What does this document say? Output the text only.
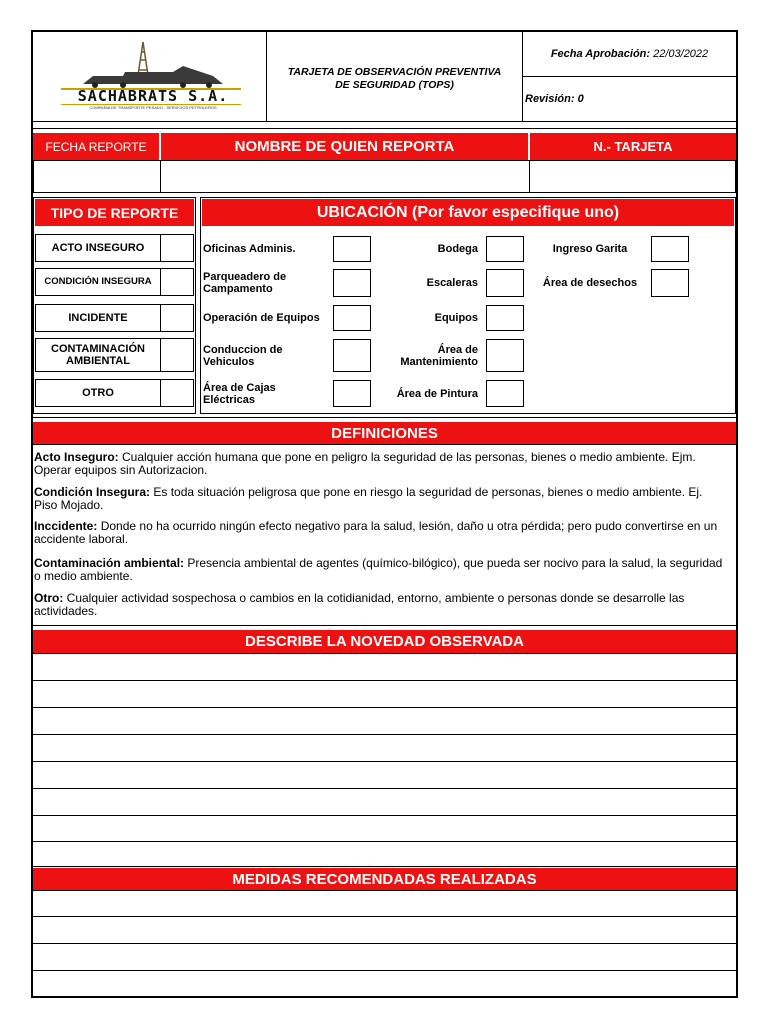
SACHABRATS S.A.
COMPAÑIA DE TRANSPORTE PESADO · SERVICIOS PETROLEROS
TARJETA DE OBSERVACIÓN PREVENTIVA
DE SEGURIDAD (TOPS)
Fecha Aprobación:
22/03/2022
Revisión: 0
FECHA REPORTE	NOMBRE DE QUIEN REPORTA	N.- TARJETA
TIPO DE REPORTE
ACTO INSEGURO
CONDICIÓN INSEGURA
INCIDENTE
CONTAMINACIÓN AMBIENTAL
OTRO
UBICACIÓN (Por favor especifique uno)
Oficinas Adminis.
Parqueadero de Campamento
Operación de Equipos
Conduccion de Vehiculos
Área de Cajas Eléctricas
Bodega
Escaleras
Equipos
Área de Mantenimiento
Área de Pintura
Ingreso Garita
Área de desechos
DEFINICIONES
Acto Inseguro: Cualquier acción humana que pone en peligro la seguridad de las personas, bienes o medio ambiente. Ejm. Operar equipos sin Autorizacion.
Condición Insegura: Es toda situación peligrosa que pone en riesgo la seguridad de personas, bienes o medio ambiente. Ej. Piso Mojado.
Inccidente: Donde no ha ocurrido ningún efecto negativo para la salud, lesión, daño u otra pérdida; pero pudo convertirse en un accidente laboral.
Contaminación ambiental: Presencia ambiental de agentes (químico-bilógico), que pueda ser nocivo para la salud, la seguridad o medio ambiente.
Otro: Cualquier actividad sospechosa o cambios en la cotidianidad, entorno, ambiente o personas donde se desarrolle las actividades.
DESCRIBE LA NOVEDAD OBSERVADA
MEDIDAS RECOMENDADAS REALIZADAS
